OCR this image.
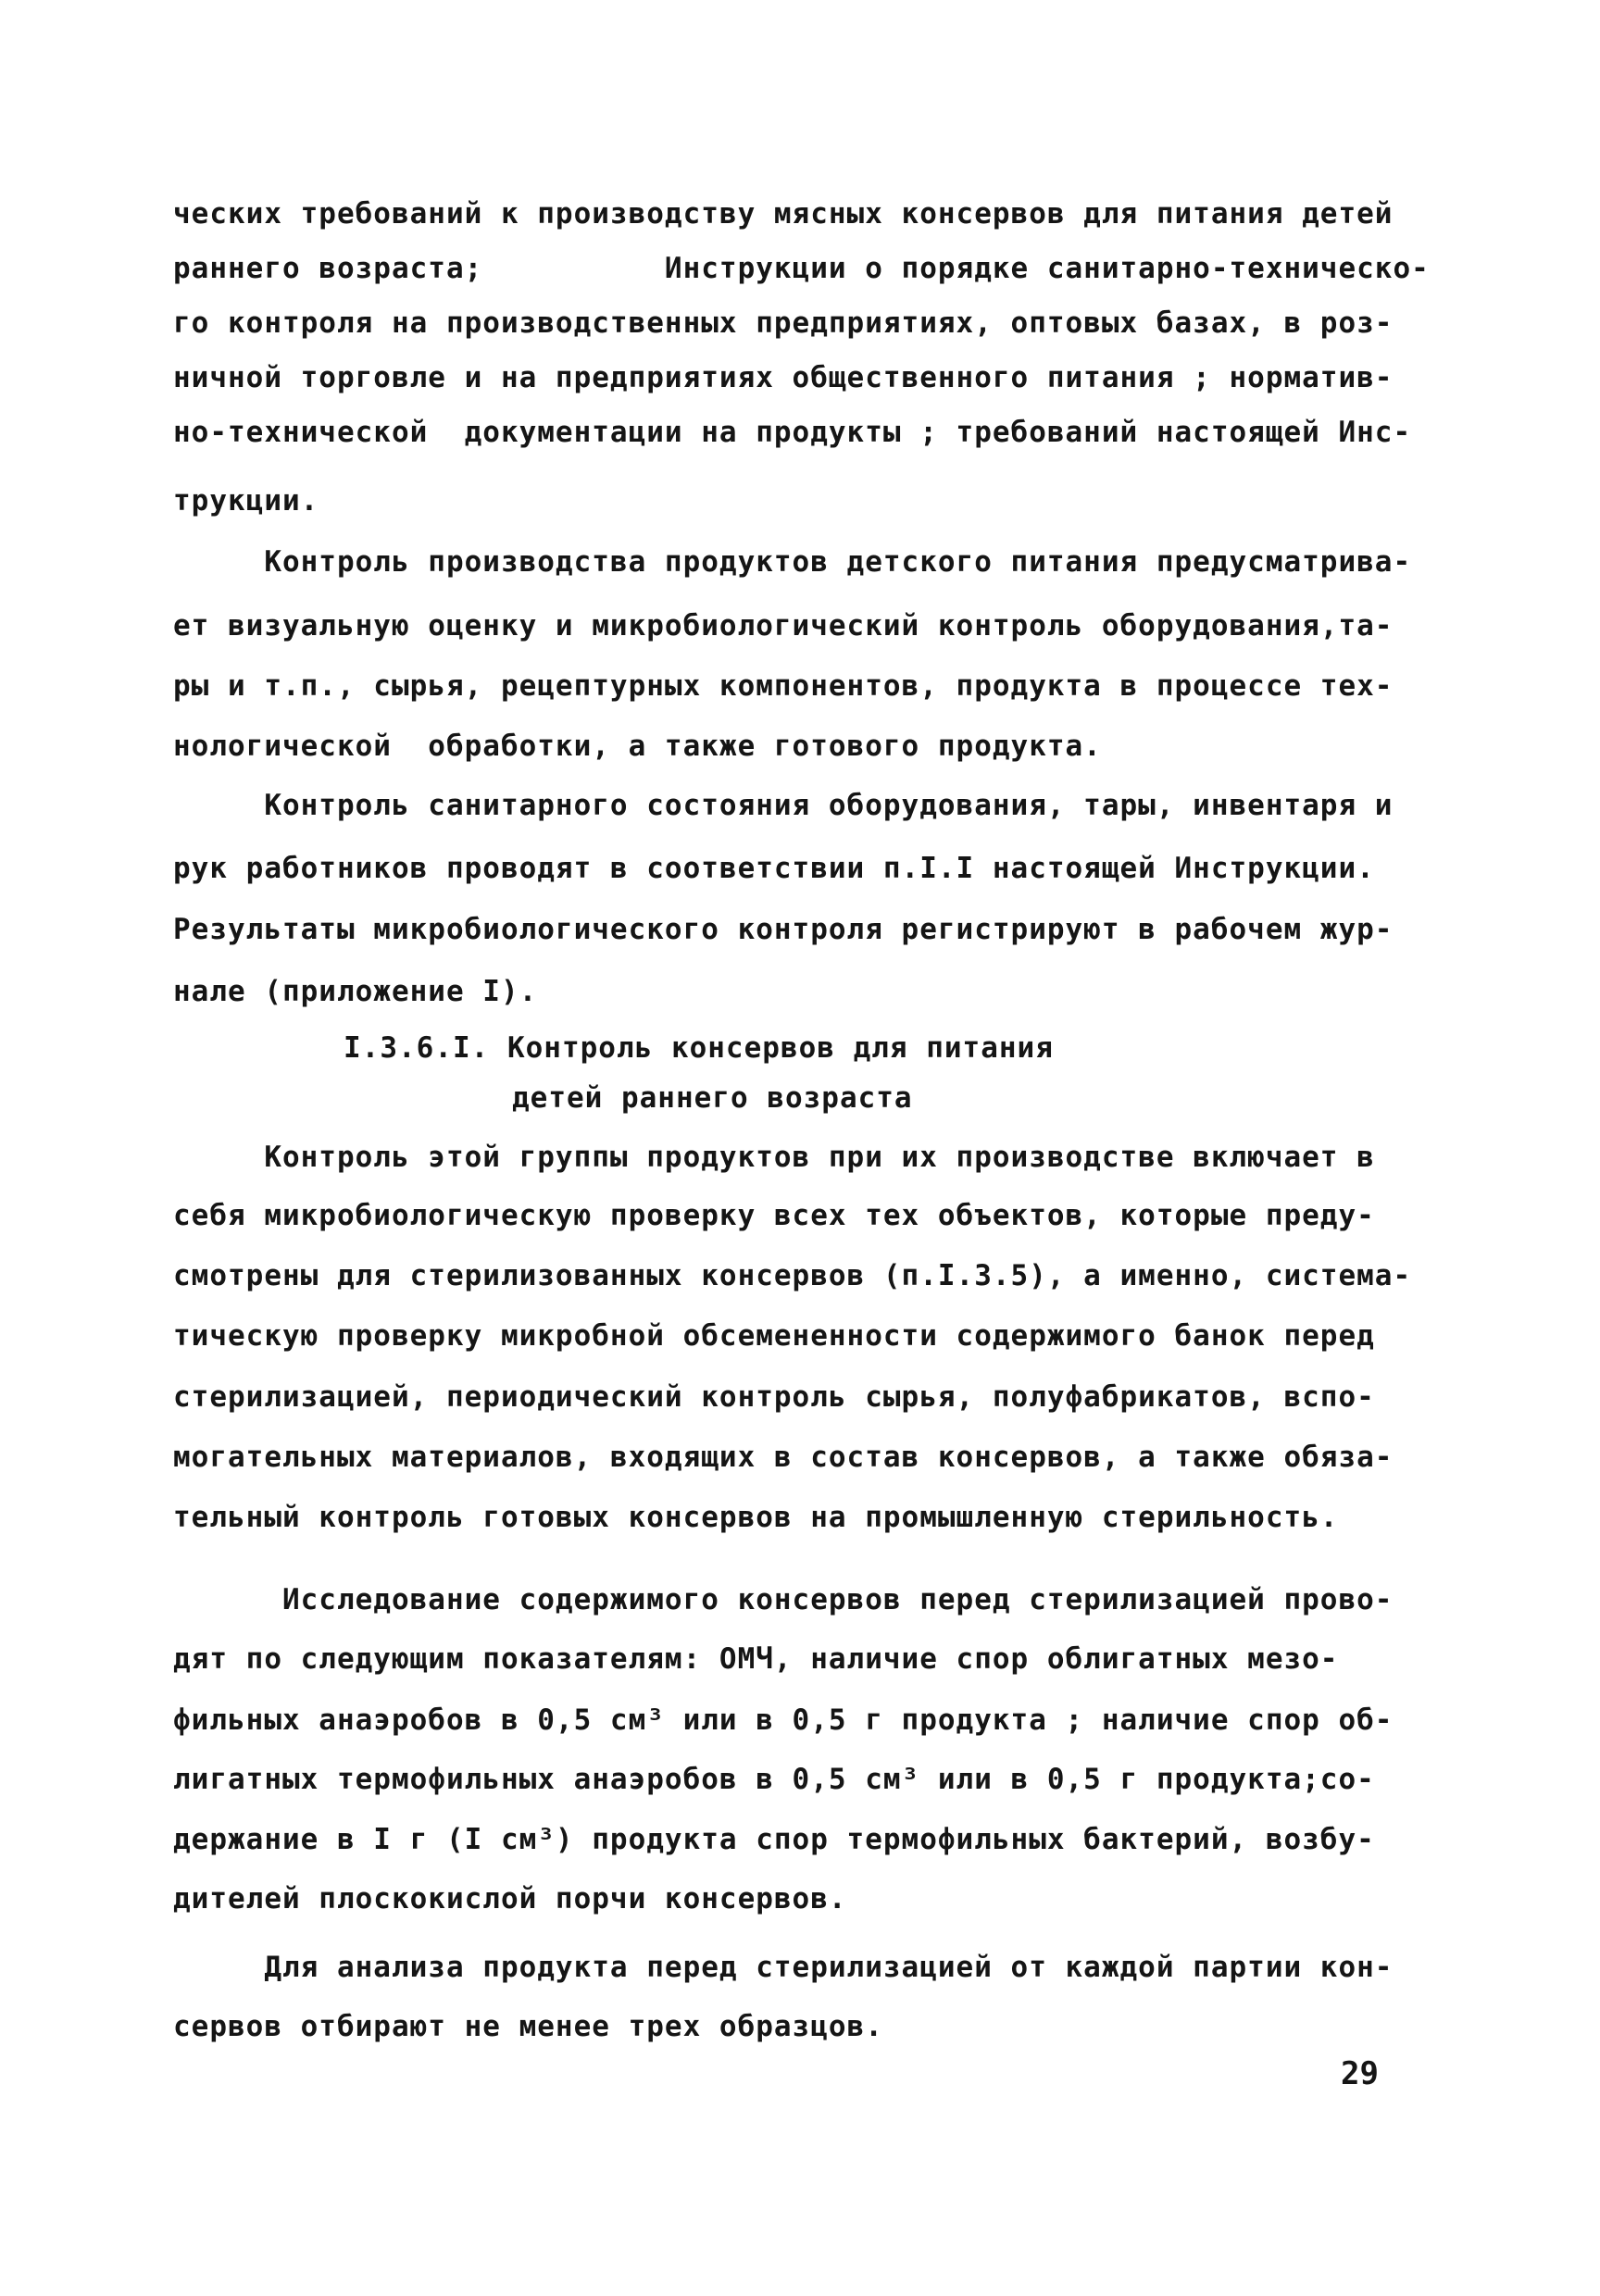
ческих требований к производству мясных консервов для питания детей
раннего возраста;          Инструкции о порядке санитарно-техническо-
го контроля на производственных предприятиях, оптовых базах, в роз-
ничной торговле и на предприятиях общественного питания ; норматив-
но-технической  документации на продукты ; требований настоящей Инс-
трукции.
Контроль производства продуктов детского питания предусматрива-
ет визуальную оценку и микробиологический контроль оборудования,та-
ры и т.п., сырья, рецептурных компонентов, продукта в процессе тех-
нологической  обработки, а также готового продукта.
Контроль санитарного состояния оборудования, тары, инвентаря и
рук работников проводят в соответствии п.I.I настоящей Инструкции.
Результаты микробиологического контроля регистрируют в рабочем жур-
нале (приложение I).
I.3.6.I. Контроль консервов для питания
детей раннего возраста
Контроль этой группы продуктов при их производстве включает в
себя микробиологическую проверку всех тех объектов, которые преду-
смотрены для стерилизованных консервов (п.I.3.5), а именно, система-
тическую проверку микробной обсемененности содержимого банок перед
стерилизацией, периодический контроль сырья, полуфабрикатов, вспо-
могательных материалов, входящих в состав консервов, а также обяза-
тельный контроль готовых консервов на промышленную стерильность.
Исследование содержимого консервов перед стерилизацией прово-
дят по следующим показателям: ОМЧ, наличие спор облигатных мезо-
фильных анаэробов в 0,5 см³ или в 0,5 г продукта ; наличие спор об-
лигатных термофильных анаэробов в 0,5 см³ или в 0,5 г продукта;со-
держание в I г (I см³) продукта спор термофильных бактерий, возбу-
дителей плоскокислой порчи консервов.
Для анализа продукта перед стерилизацией от каждой партии кон-
сервов отбирают не менее трех образцов.
29
